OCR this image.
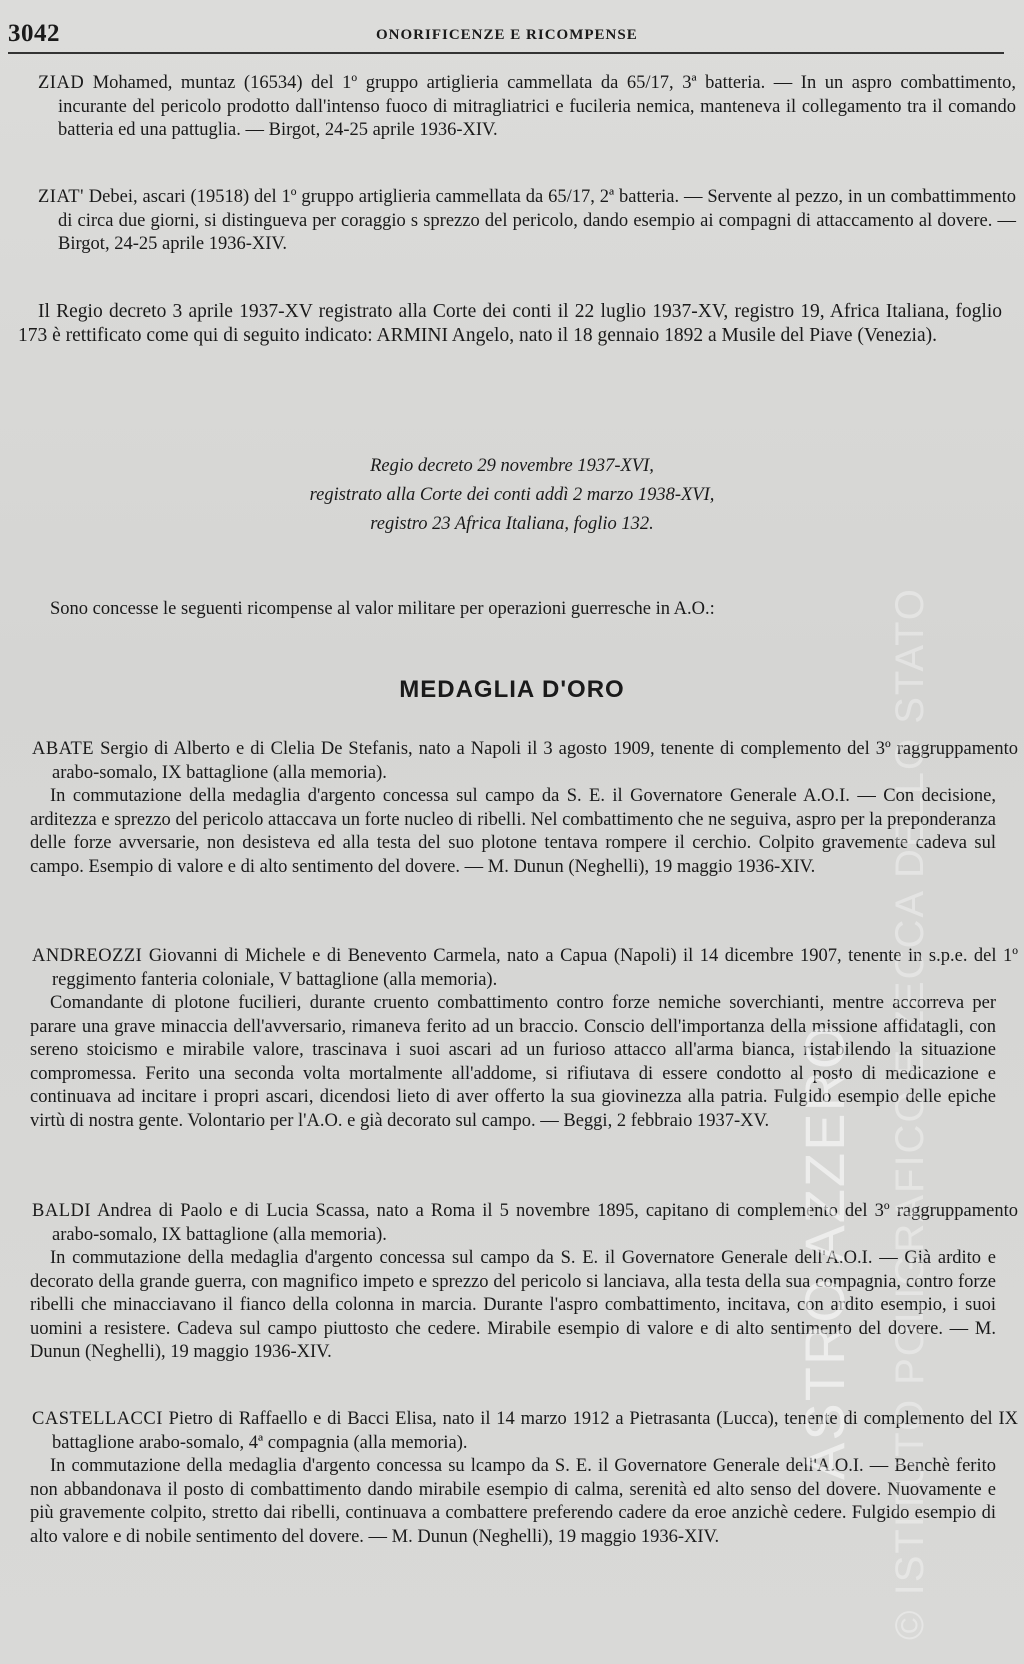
3042	ONORIFICENZE E RICOMPENSE
ZIAD Mohamed, muntaz (16534) del 1º gruppo artiglieria cammellata da 65/17, 3ª batteria. — In un aspro combattimento, incurante del pericolo prodotto dall'intenso fuoco di mitragliatrici e fucileria nemica, manteneva il collegamento tra il comando batteria ed una pattuglia. — Birgot, 24-25 aprile 1936-XIV.
ZIAT' Debei, ascari (19518) del 1º gruppo artiglieria cammellata da 65/17, 2ª batteria. — Servente al pezzo, in un combattimmento di circa due giorni, si distingueva per coraggio s sprezzo del pericolo, dando esempio ai compagni di attaccamento al dovere. — Birgot, 24-25 aprile 1936-XIV.
Il Regio decreto 3 aprile 1937-XV registrato alla Corte dei conti il 22 luglio 1937-XV, registro 19, Africa Italiana, foglio 173 è rettificato come qui di seguito indicato: ARMINI Angelo, nato il 18 gennaio 1892 a Musile del Piave (Venezia).
Regio decreto 29 novembre 1937-XVI,
registrato alla Corte dei conti addì 2 marzo 1938-XVI,
registro 23 Africa Italiana, foglio 132.
Sono concesse le seguenti ricompense al valor militare per operazioni guerresche in A.O.:
MEDAGLIA D'ORO
ABATE Sergio di Alberto e di Clelia De Stefanis, nato a Napoli il 3 agosto 1909, tenente di complemento del 3º raggruppamento arabo-somalo, IX battaglione (alla memoria).
In commutazione della medaglia d'argento concessa sul campo da S. E. il Governatore Generale A.O.I. — Con decisione, arditezza e sprezzo del pericolo attaccava un forte nucleo di ribelli. Nel combattimento che ne seguiva, aspro per la preponderanza delle forze avversarie, non desisteva ed alla testa del suo plotone tentava rompere il cerchio. Colpito gravemente cadeva sul campo. Esempio di valore e di alto sentimento del dovere. — M. Dunun (Neghelli), 19 maggio 1936-XIV.
ANDREOZZI Giovanni di Michele e di Benevento Carmela, nato a Capua (Napoli) il 14 dicembre 1907, tenente in s.p.e. del 1º reggimento fanteria coloniale, V battaglione (alla memoria).
Comandante di plotone fucilieri, durante cruento combattimento contro forze nemiche soverchianti, mentre accorreva per parare una grave minaccia dell'avversario, rimaneva ferito ad un braccio. Conscio dell'importanza della missione affidatagli, con sereno stoicismo e mirabile valore, trascinava i suoi ascari ad un furioso attacco all'arma bianca, ristabilendo la situazione compromessa. Ferito una seconda volta mortalmente all'addome, si rifiutava di essere condotto al posto di medicazione e continuava ad incitare i propri ascari, dicendosi lieto di aver offerto la sua giovinezza alla patria. Fulgido esempio delle epiche virtù di nostra gente. Volontario per l'A.O. e già decorato sul campo. — Beggi, 2 febbraio 1937-XV.
BALDI Andrea di Paolo e di Lucia Scassa, nato a Roma il 5 novembre 1895, capitano di complemento del 3º raggruppamento arabo-somalo, IX battaglione (alla memoria).
In commutazione della medaglia d'argento concessa sul campo da S. E. il Governatore Generale dell'A.O.I. — Già ardito e decorato della grande guerra, con magnifico impeto e sprezzo del pericolo si lanciava, alla testa della sua compagnia, contro forze ribelli che minacciavano il fianco della colonna in marcia. Durante l'aspro combattimento, incitava, con ardito esempio, i suoi uomini a resistere. Cadeva sul campo piuttosto che cedere. Mirabile esempio di valore e di alto sentimento del dovere. — M. Dunun (Neghelli), 19 maggio 1936-XIV.
CASTELLACCI Pietro di Raffaello e di Bacci Elisa, nato il 14 marzo 1912 a Pietrasanta (Lucca), tenente di complemento del IX battaglione arabo-somalo, 4ª compagnia (alla memoria).
In commutazione della medaglia d'argento concessa su lcampo da S. E. il Governatore Generale dell'A.O.I. — Benchè ferito non abbandonava il posto di combattimento dando mirabile esempio di calma, serenità ed alto senso del dovere. Nuovamente e più gravemente colpito, stretto dai ribelli, continuava a combattere preferendo cadere da eroe anzichè cedere. Fulgido esempio di alto valore e di nobile sentimento del dovere. — M. Dunun (Neghelli), 19 maggio 1936-XIV.
ASTRO AZZERO © ISTITUTO POLIGRAFICO E ZECCA DELLO STATO
